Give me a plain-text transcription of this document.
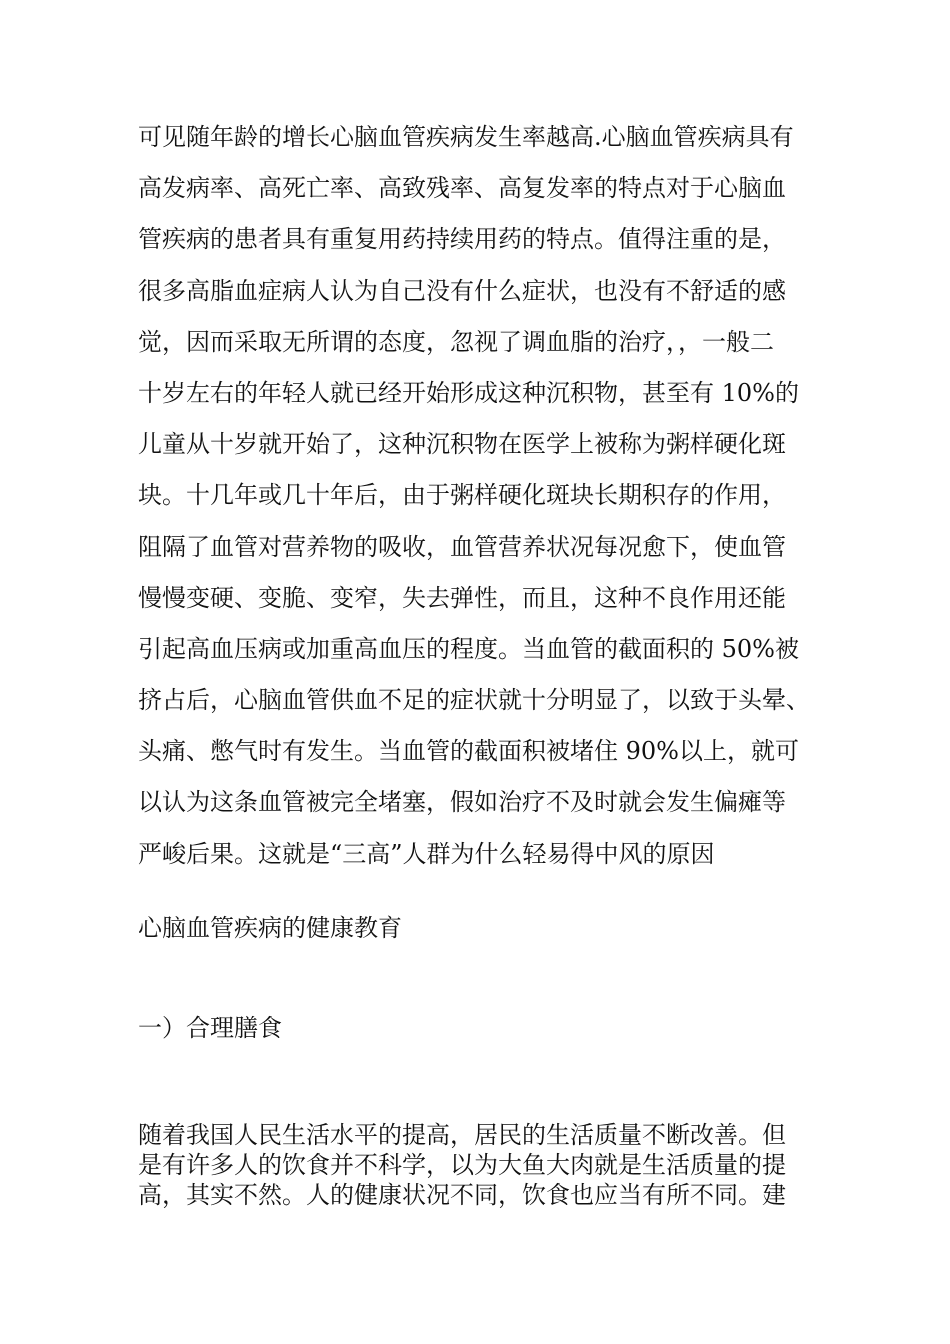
可见随年龄的增长心脑血管疾病发生率越高.心脑血管疾病具有
高发病率、高死亡率、高致残率、高复发率的特点对于心脑血
管疾病的患者具有重复用药持续用药的特点。值得注重的是，
很多高脂血症病人认为自己没有什么症状，也没有不舒适的感
觉，因而采取无所谓的态度，忽视了调血脂的治疗，，一般二
十岁左右的年轻人就已经开始形成这种沉积物，甚至有 10%的
儿童从十岁就开始了，这种沉积物在医学上被称为粥样硬化斑
块。十几年或几十年后，由于粥样硬化斑块长期积存的作用，
阻隔了血管对营养物的吸收，血管营养状况每况愈下，使血管
慢慢变硬、变脆、变窄，失去弹性，而且，这种不良作用还能
引起高血压病或加重高血压的程度。当血管的截面积的 50%被
挤占后，心脑血管供血不足的症状就十分明显了，以致于头晕、
头痛、憋气时有发生。当血管的截面积被堵住 90%以上，就可
以认为这条血管被完全堵塞，假如治疗不及时就会发生偏瘫等
严峻后果。这就是“三高”人群为什么轻易得中风的原因

心脑血管疾病的健康教育
一）合理膳食

随着我国人民生活水平的提高，居民的生活质量不断改善。但
是有许多人的饮食并不科学，以为大鱼大肉就是生活质量的提
高，其实不然。人的健康状况不同，饮食也应当有所不同。建
